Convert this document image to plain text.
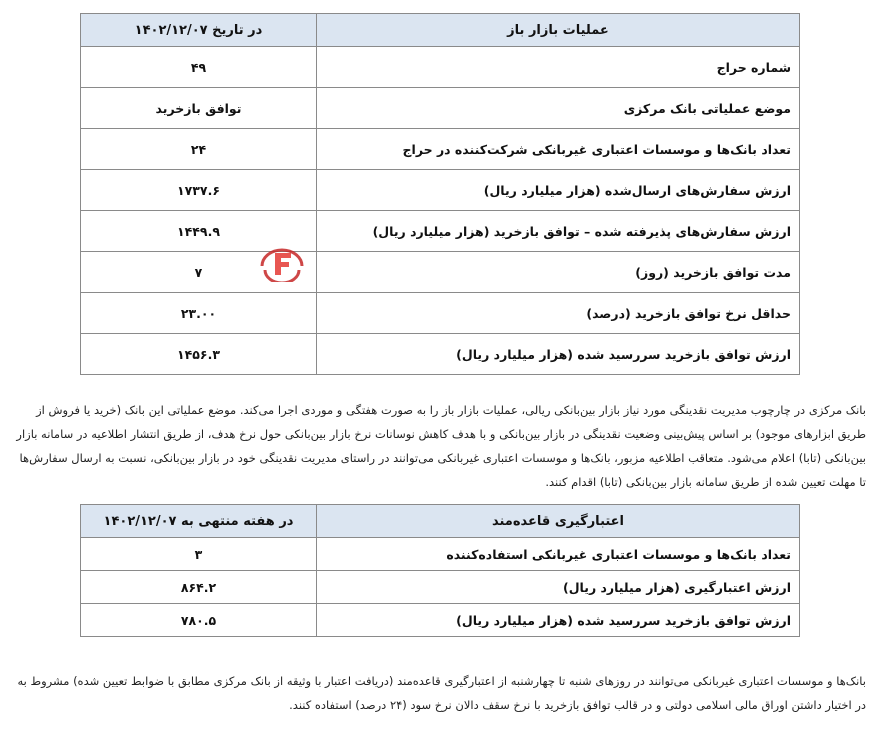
عملیات بازار باز	در تاریخ ۱۴۰۲/۱۲/۰۷
شماره حراج	۴۹
موضع عملیاتی بانک مرکزی	توافق بازخرید
تعداد بانک‌ها و موسسات اعتباری غیربانکی شرکت‌کننده در حراج	۲۴
ارزش سفارش‌های ارسال‌شده (هزار میلیارد ریال)	۱۷۳۷.۶
ارزش سفارش‌های پذیرفته شده – توافق بازخرید (هزار میلیارد ریال)	۱۴۴۹.۹
مدت توافق بازخرید (روز)	۷
حداقل نرخ توافق بازخرید (درصد)	۲۳.۰۰
ارزش توافق بازخرید سررسید شده (هزار میلیارد ریال)	۱۴۵۶.۳
بانک مرکزی در چارچوب مدیریت نقدینگی مورد نیاز بازار بین‌بانکی ریالی، عملیات بازار باز را به صورت هفتگی و موردی اجرا می‌کند. موضع عملیاتی این بانک (خرید یا فروش از طریق ابزارهای موجود) بر اساس پیش‌بینی وضعیت نقدینگی در بازار بین‌بانکی و با هدف کاهش نوسانات نرخ بازار بین‌بانکی حول نرخ هدف، از طریق انتشار اطلاعیه در سامانه بازار بین‌بانکی (تابا) اعلام می‌شود. متعاقب اطلاعیه مزبور، بانک‌ها و موسسات اعتباری غیربانکی می‌توانند در راستای مدیریت نقدینگی خود در بازار بین‌بانکی، نسبت به ارسال سفارش‌ها تا مهلت تعیین شده از طریق سامانه بازار بین‌بانکی (تابا) اقدام کنند.
اعتبارگیری قاعده‌مند	در هفته منتهی به ۱۴۰۲/۱۲/۰۷
تعداد بانک‌ها و موسسات اعتباری غیربانکی استفاده‌کننده	۳
ارزش اعتبارگیری (هزار میلیارد ریال)	۸۶۴.۲
ارزش توافق بازخرید سررسید شده (هزار میلیارد ریال)	۷۸۰.۵
بانک‌ها و موسسات اعتباری غیربانکی می‌توانند در روزهای شنبه تا چهارشنبه از اعتبارگیری قاعده‌مند (دریافت اعتبار با وثیقه از بانک مرکزی مطابق با ضوابط تعیین شده) مشروط به در اختیار داشتن اوراق مالی اسلامی دولتی و در قالب توافق بازخرید با نرخ سقف دالان نرخ سود (۲۴ درصد) استفاده کنند.
